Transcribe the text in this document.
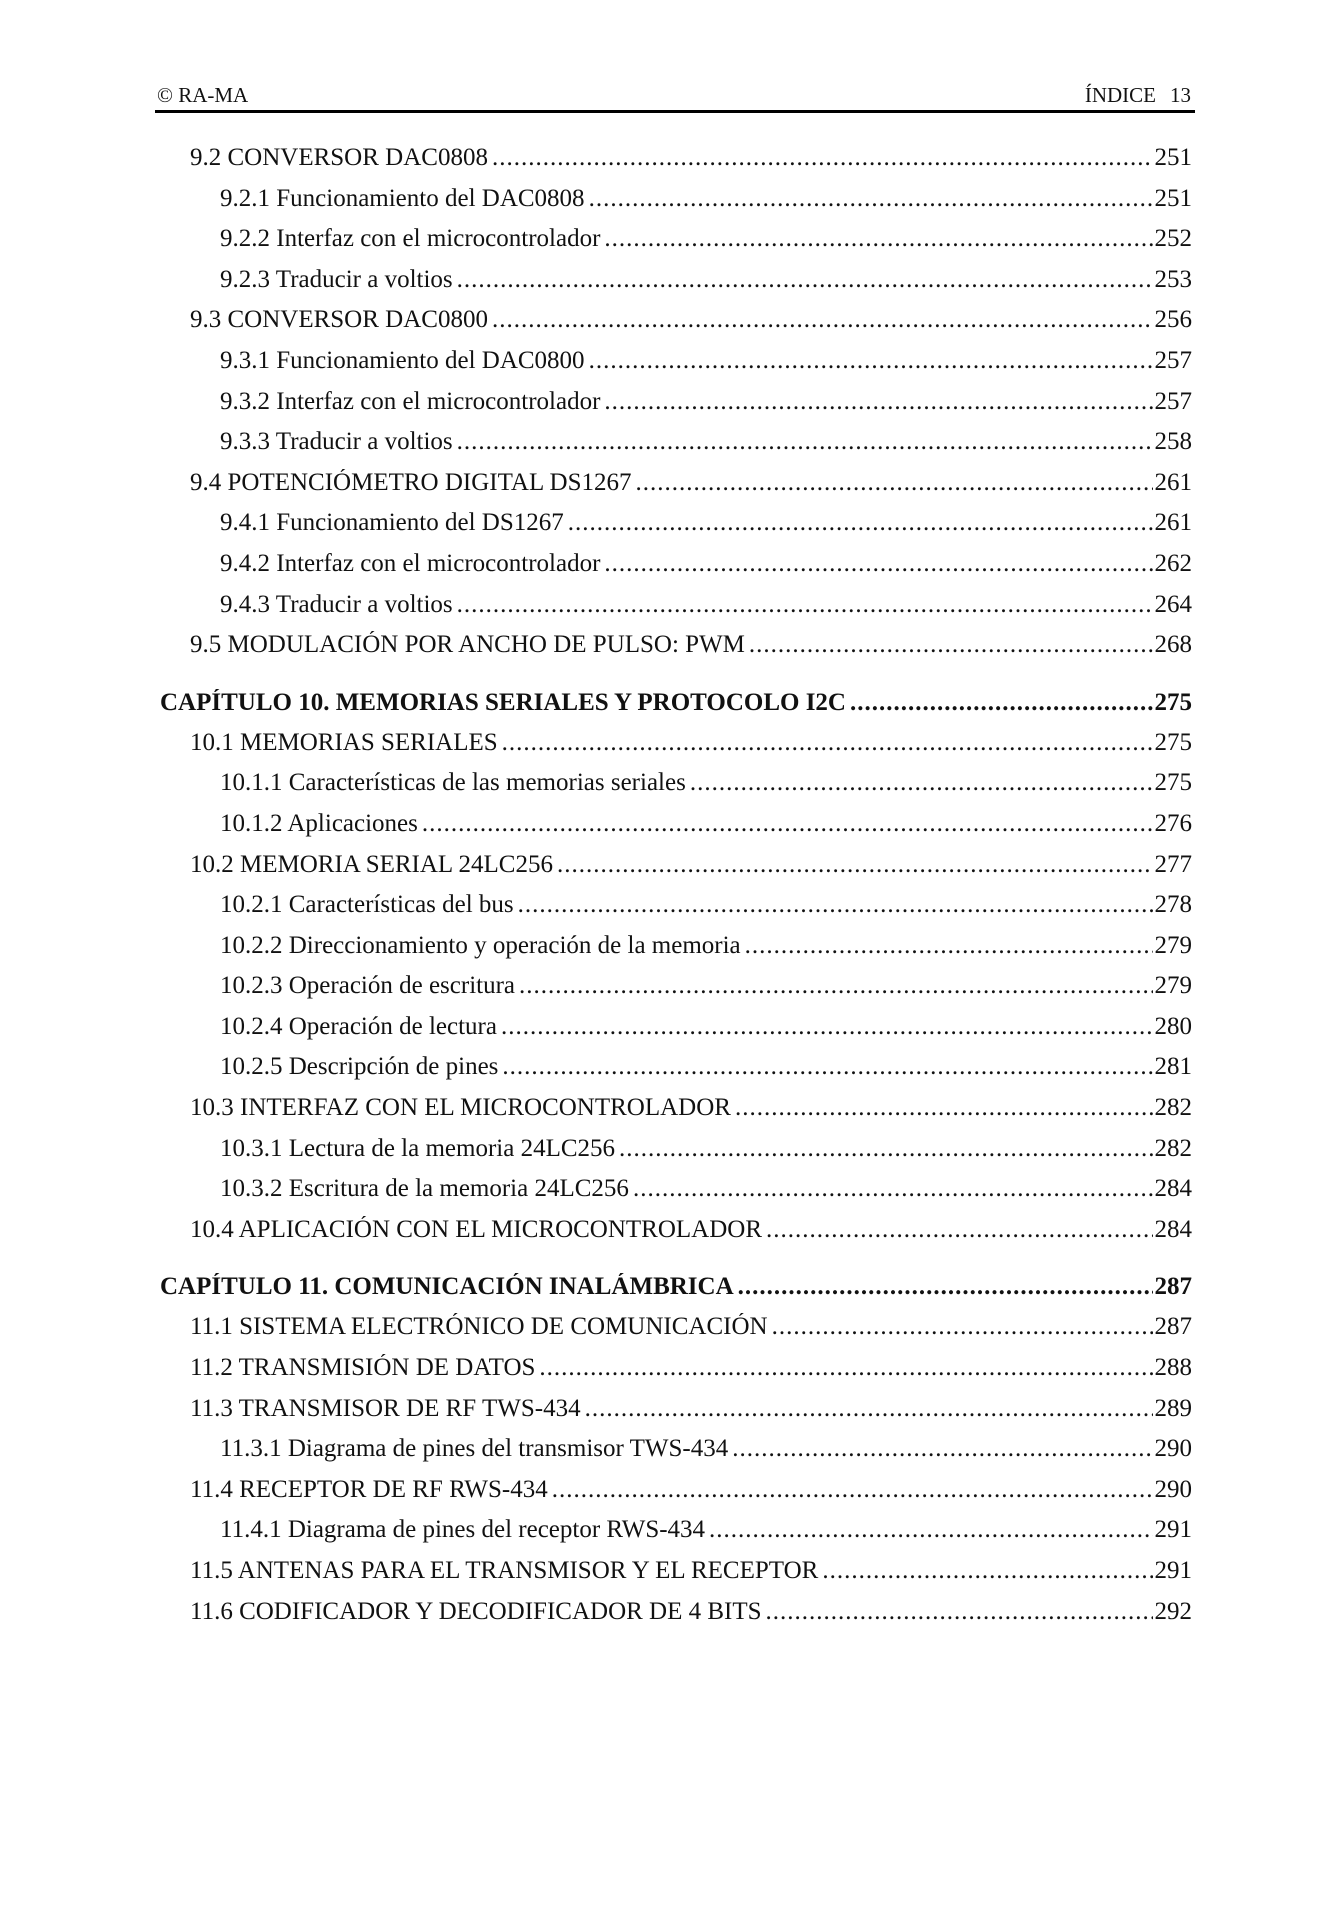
© RA-MA	ÍNDICE 13
9.2 CONVERSOR DAC0808 .....	251
9.2.1 Funcionamiento del DAC0808 .....	251
9.2.2 Interfaz con el microcontrolador .....	252
9.2.3 Traducir a voltios .....	253
9.3 CONVERSOR DAC0800 .....	256
9.3.1 Funcionamiento del DAC0800 .....	257
9.3.2 Interfaz con el microcontrolador .....	257
9.3.3 Traducir a voltios .....	258
9.4 POTENCIÓMETRO DIGITAL DS1267 .....	261
9.4.1 Funcionamiento del DS1267 .....	261
9.4.2 Interfaz con el microcontrolador .....	262
9.4.3 Traducir a voltios .....	264
9.5 MODULACIÓN POR ANCHO DE PULSO: PWM .....	268
CAPÍTULO 10. MEMORIAS SERIALES Y PROTOCOLO I2C .....	275
10.1 MEMORIAS SERIALES .....	275
10.1.1 Características de las memorias seriales .....	275
10.1.2 Aplicaciones .....	276
10.2 MEMORIA SERIAL 24LC256 .....	277
10.2.1 Características del bus .....	278
10.2.2 Direccionamiento y operación de la memoria .....	279
10.2.3 Operación de escritura .....	279
10.2.4 Operación de lectura .....	280
10.2.5 Descripción de pines .....	281
10.3 INTERFAZ CON EL MICROCONTROLADOR .....	282
10.3.1 Lectura de la memoria 24LC256 .....	282
10.3.2 Escritura de la memoria 24LC256 .....	284
10.4 APLICACIÓN CON EL MICROCONTROLADOR .....	284
CAPÍTULO 11. COMUNICACIÓN INALÁMBRICA .....	287
11.1 SISTEMA ELECTRÓNICO DE COMUNICACIÓN .....	287
11.2 TRANSMISIÓN DE DATOS .....	288
11.3 TRANSMISOR DE RF TWS-434 .....	289
11.3.1 Diagrama de pines del transmisor TWS-434 .....	290
11.4 RECEPTOR DE RF RWS-434 .....	290
11.4.1 Diagrama de pines del receptor RWS-434 .....	291
11.5 ANTENAS PARA EL TRANSMISOR Y EL RECEPTOR .....	291
11.6 CODIFICADOR Y DECODIFICADOR DE 4 BITS .....	292
